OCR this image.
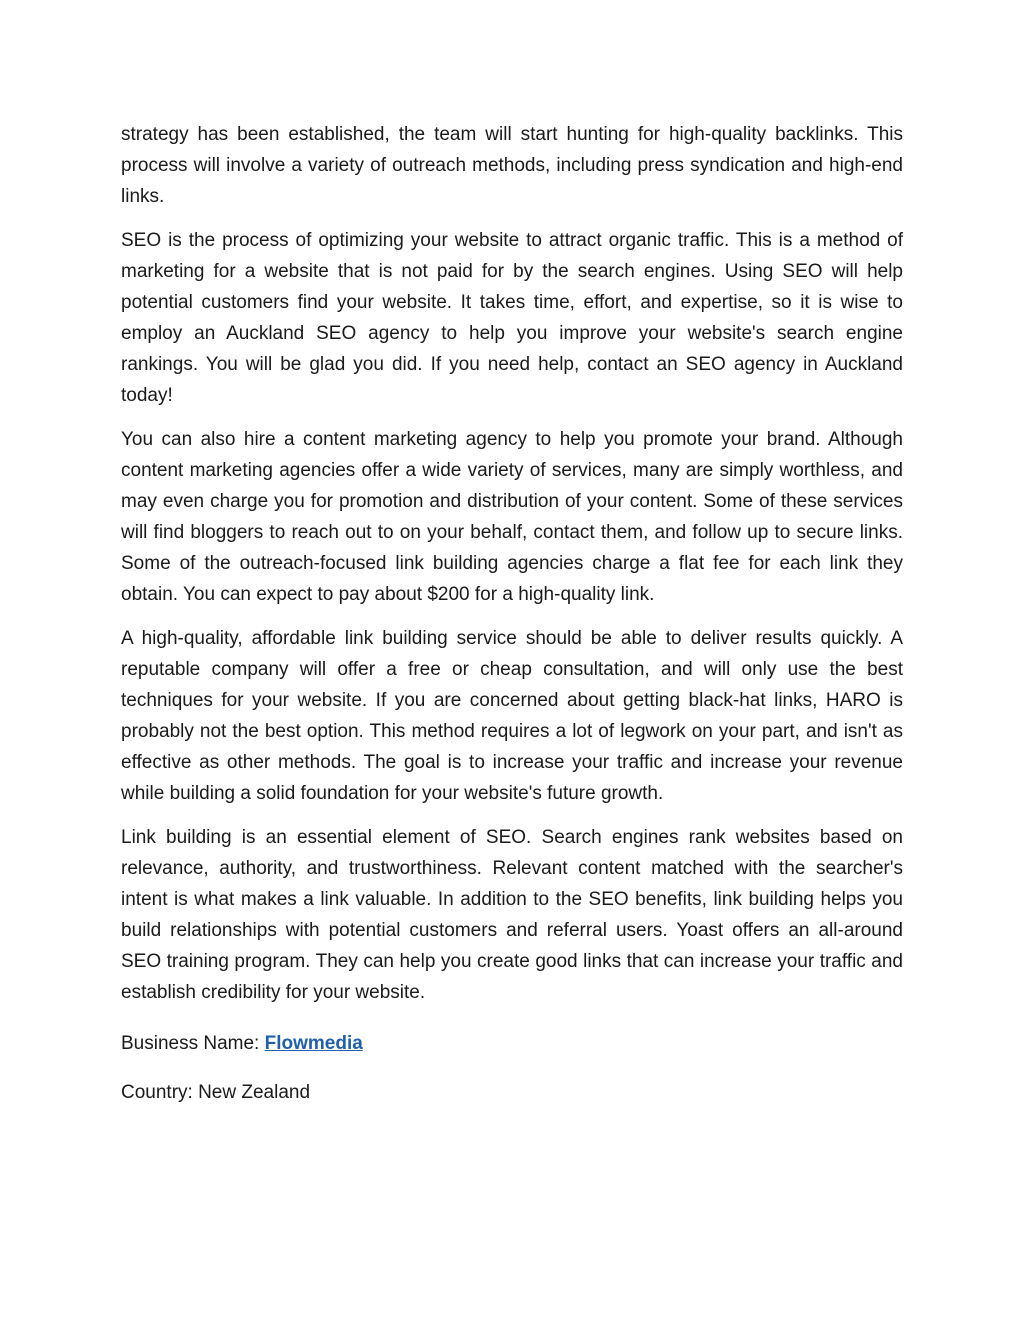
strategy has been established, the team will start hunting for high-quality backlinks. This process will involve a variety of outreach methods, including press syndication and high-end links.

SEO is the process of optimizing your website to attract organic traffic. This is a method of marketing for a website that is not paid for by the search engines. Using SEO will help potential customers find your website. It takes time, effort, and expertise, so it is wise to employ an Auckland SEO agency to help you improve your website's search engine rankings. You will be glad you did. If you need help, contact an SEO agency in Auckland today!

You can also hire a content marketing agency to help you promote your brand. Although content marketing agencies offer a wide variety of services, many are simply worthless, and may even charge you for promotion and distribution of your content. Some of these services will find bloggers to reach out to on your behalf, contact them, and follow up to secure links. Some of the outreach-focused link building agencies charge a flat fee for each link they obtain. You can expect to pay about $200 for a high-quality link.

A high-quality, affordable link building service should be able to deliver results quickly. A reputable company will offer a free or cheap consultation, and will only use the best techniques for your website. If you are concerned about getting black-hat links, HARO is probably not the best option. This method requires a lot of legwork on your part, and isn't as effective as other methods. The goal is to increase your traffic and increase your revenue while building a solid foundation for your website's future growth.

Link building is an essential element of SEO. Search engines rank websites based on relevance, authority, and trustworthiness. Relevant content matched with the searcher's intent is what makes a link valuable. In addition to the SEO benefits, link building helps you build relationships with potential customers and referral users. Yoast offers an all-around SEO training program. They can help you create good links that can increase your traffic and establish credibility for your website.

Business Name: Flowmedia

Country: New Zealand
